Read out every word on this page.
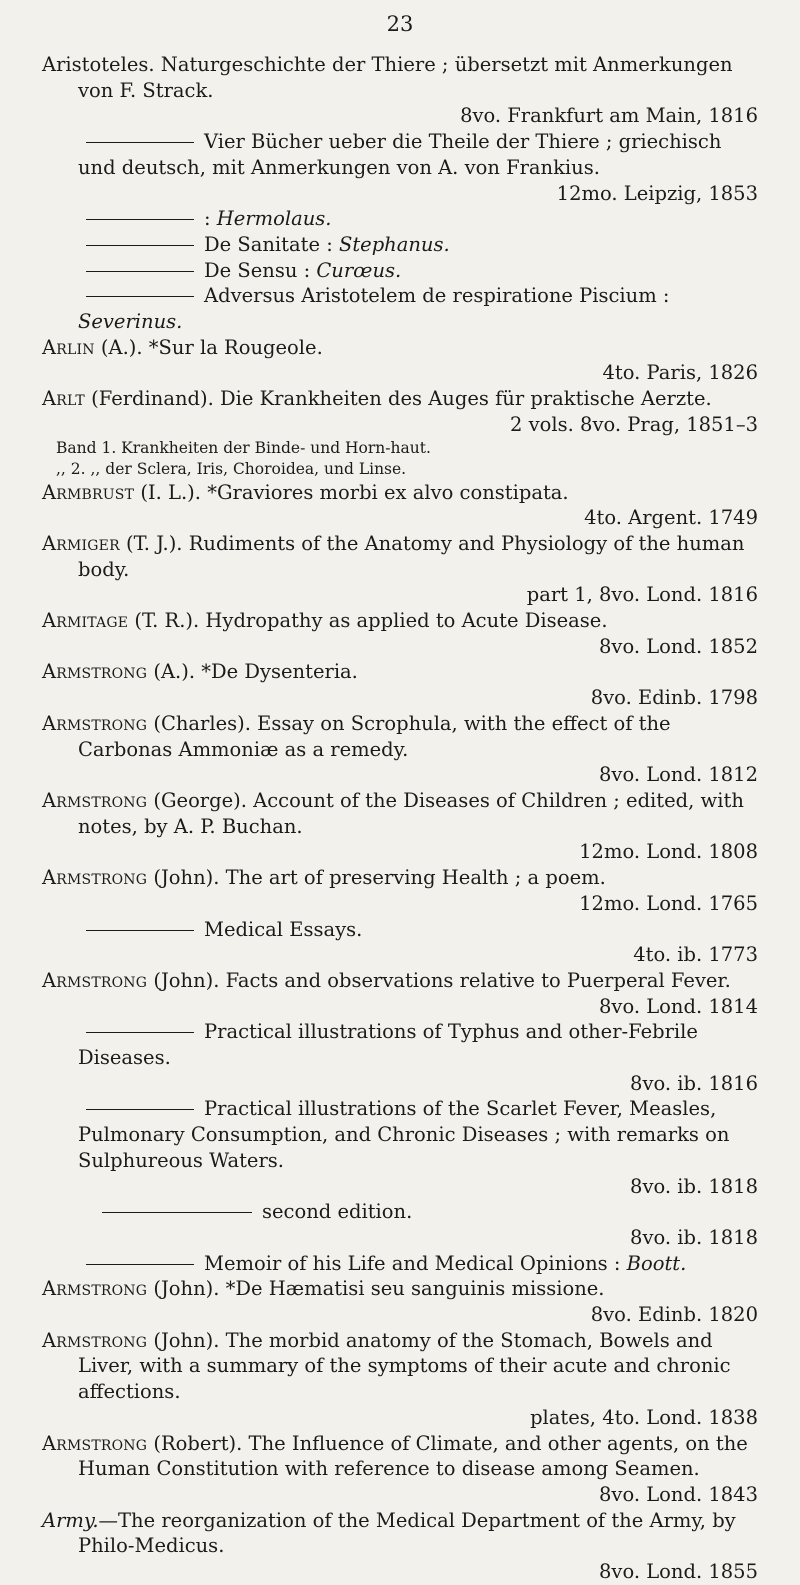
23
Aristoteles. Naturgeschichte der Thiere ; übersetzt mit Anmerkungen von F. Strack.
8vo. Frankfurt am Main, 1816
Vier Bücher ueber die Theile der Thiere ; griechisch und deutsch, mit Anmerkungen von A. von Frankius.
12mo. Leipzig, 1853
: Hermolaus.
De Sanitate : Stephanus.
De Sensu : Curœus.
Adversus Aristotelem de respiratione Piscium : Severinus.
Arlin (A.). *Sur la Rougeole.
4to. Paris, 1826
Arlt (Ferdinand). Die Krankheiten des Auges für praktische Aerzte.
2 vols. 8vo. Prag, 1851–3
Band 1. Krankheiten der Binde- und Horn-haut.
,, 2. ,, der Sclera, Iris, Choroidea, und Linse.
Armbrust (I. L.). *Graviores morbi ex alvo constipata.
4to. Argent. 1749
Armiger (T. J.). Rudiments of the Anatomy and Physiology of the human body.
part 1, 8vo. Lond. 1816
Armitage (T. R.). Hydropathy as applied to Acute Disease.
8vo. Lond. 1852
Armstrong (A.). *De Dysenteria.
8vo. Edinb. 1798
Armstrong (Charles). Essay on Scrophula, with the effect of the Carbonas Ammoniæ as a remedy.
8vo. Lond. 1812
Armstrong (George). Account of the Diseases of Children ; edited, with notes, by A. P. Buchan.
12mo. Lond. 1808
Armstrong (John). The art of preserving Health ; a poem.
12mo. Lond. 1765
Medical Essays.
4to. ib. 1773
Armstrong (John). Facts and observations relative to Puerperal Fever.
8vo. Lond. 1814
Practical illustrations of Typhus and other-Febrile Diseases.
8vo. ib. 1816
Practical illustrations of the Scarlet Fever, Measles, Pulmonary Consumption, and Chronic Diseases ; with remarks on Sulphureous Waters.
8vo. ib. 1818
second edition.
8vo. ib. 1818
Memoir of his Life and Medical Opinions : Boott.
Armstrong (John). *De Hæmatisi seu sanguinis missione.
8vo. Edinb. 1820
Armstrong (John). The morbid anatomy of the Stomach, Bowels and Liver, with a summary of the symptoms of their acute and chronic affections.
plates, 4to. Lond. 1838
Armstrong (Robert). The Influence of Climate, and other agents, on the Human Constitution with reference to disease among Seamen.
8vo. Lond. 1843
Army.—The reorganization of the Medical Department of the Army, by Philo-Medicus.
8vo. Lond. 1855
